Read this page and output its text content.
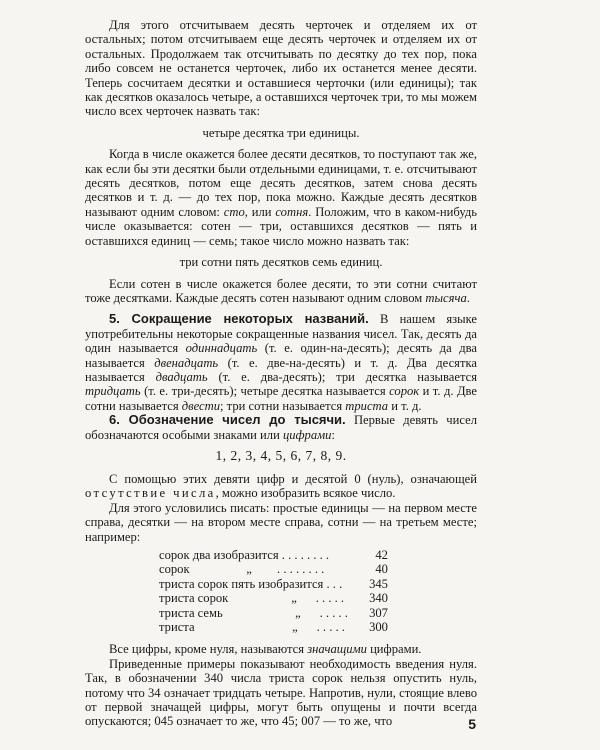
Для этого отсчитываем десять черточек и отделяем их от остальных; потом отсчитываем еще десять черточек и отделяем их от остальных. Продолжаем так отсчитывать по десятку до тех пор, пока либо совсем не останется черточек, либо их останется менее десяти. Теперь сосчитаем десятки и оставшиеся черточки (или единицы); так как десятков оказалось четыре, а оставшихся черточек три, то мы можем число всех черточек назвать так:

четыре десятка три единицы.

Когда в числе окажется более десяти десятков, то поступают так же, как если бы эти десятки были отдельными единицами, т. е. отсчитывают десять десятков, потом еще десять десятков, затем снова десять десятков и т. д. — до тех пор, пока можно. Каждые десять десятков называют одним словом: сто, или сотня. Положим, что в каком-нибудь числе оказывается: сотен — три, оставшихся десятков — пять и оставшихся единиц — семь; такое число можно назвать так:

три сотни пять десятков семь единиц.

Если сотен в числе окажется более десяти, то эти сотни считают тоже десятками. Каждые десять сотен называют одним словом тысяча.

5. Сокращение некоторых названий. В нашем языке употребительны некоторые сокращенные названия чисел. Так, десять да один называется одиннадцать (т. е. один-на-десять); десять да два называется двенадцать (т. е. две-на-десять) и т. д. Два десятка называется двадцать (т. е. два-десять); три десятка называется тридцать (т. е. три-десять); четыре десятка называется сорок и т. д. Две сотни называется двести; три сотни называется триста и т. д.

6. Обозначение чисел до тысячи. Первые девять чисел обозначаются особыми знаками или цифрами:

1, 2, 3, 4, 5, 6, 7, 8, 9.

С помощью этих девяти цифр и десятой 0 (нуль), означающей отсутствие числа, можно изобразить всякое число.

Для этого условились писать: простые единицы — на первом месте справа, десятки — на втором месте справа, сотни — на третьем месте; например:

сорок два изобразится . . . . . . . .	42
сорок                  „        . . . . . . . .	40
триста сорок пять изобразится . . .	345
триста сорок                    „      . . . . .	340
триста семь                       „      . . . . .	307
триста                               „      . . . . .	300

Все цифры, кроме нуля, называются значащими цифрами.

Приведенные примеры показывают необходимость введения нуля. Так, в обозначении 340 числа триста сорок нельзя опустить нуль, потому что 34 означает тридцать четыре. Напротив, нули, стоящие влево от первой значащей цифры, могут быть опущены и почти всегда опускаются; 045 означает то же, что 45; 007 — то же, что	5
